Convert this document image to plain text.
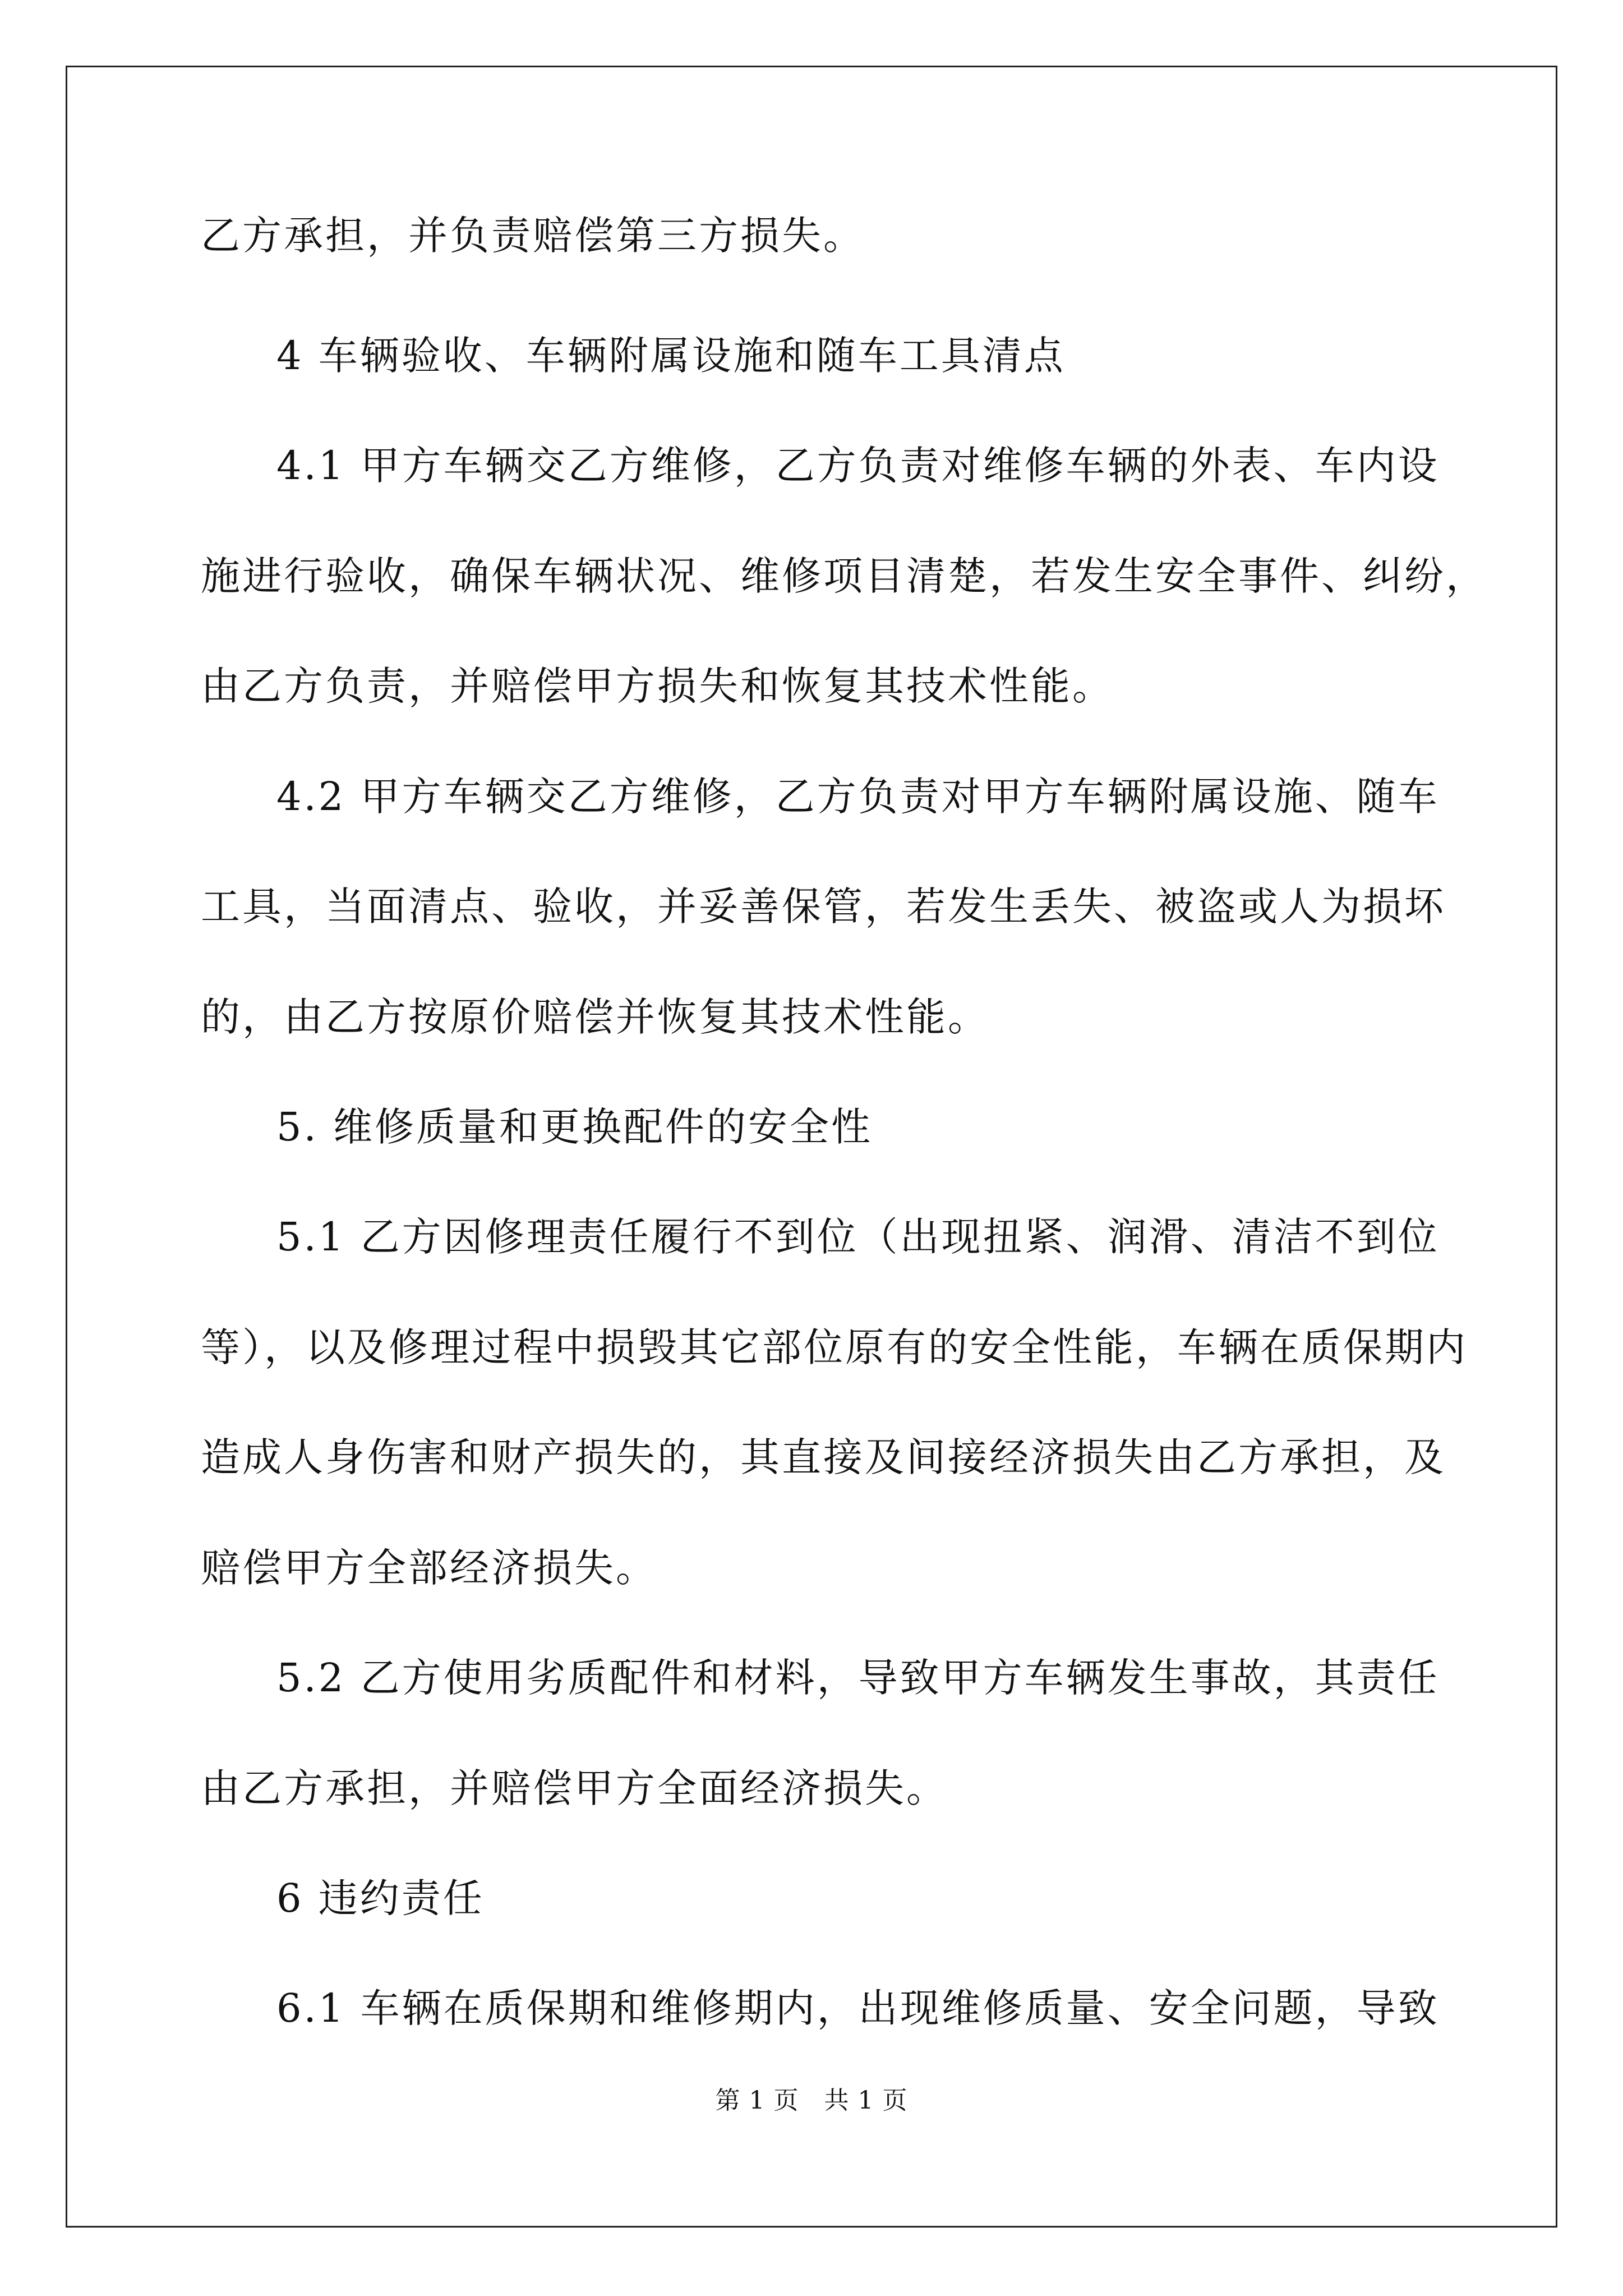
乙方承担，并负责赔偿第三方损失。
4 车辆验收、车辆附属设施和随车工具清点
4.1 甲方车辆交乙方维修，乙方负责对维修车辆的外表、车内设
施进行验收，确保车辆状况、维修项目清楚，若发生安全事件、纠纷，
由乙方负责，并赔偿甲方损失和恢复其技术性能。
4.2 甲方车辆交乙方维修，乙方负责对甲方车辆附属设施、随车
工具，当面清点、验收，并妥善保管，若发生丢失、被盗或人为损坏
的，由乙方按原价赔偿并恢复其技术性能。
5. 维修质量和更换配件的安全性
5.1 乙方因修理责任履行不到位（出现扭紧、润滑、清洁不到位
等），以及修理过程中损毁其它部位原有的安全性能，车辆在质保期内
造成人身伤害和财产损失的，其直接及间接经济损失由乙方承担，及
赔偿甲方全部经济损失。
5.2 乙方使用劣质配件和材料，导致甲方车辆发生事故，其责任
由乙方承担，并赔偿甲方全面经济损失。
6 违约责任
6.1 车辆在质保期和维修期内，出现维修质量、安全问题，导致
第 1 页   共 1 页
